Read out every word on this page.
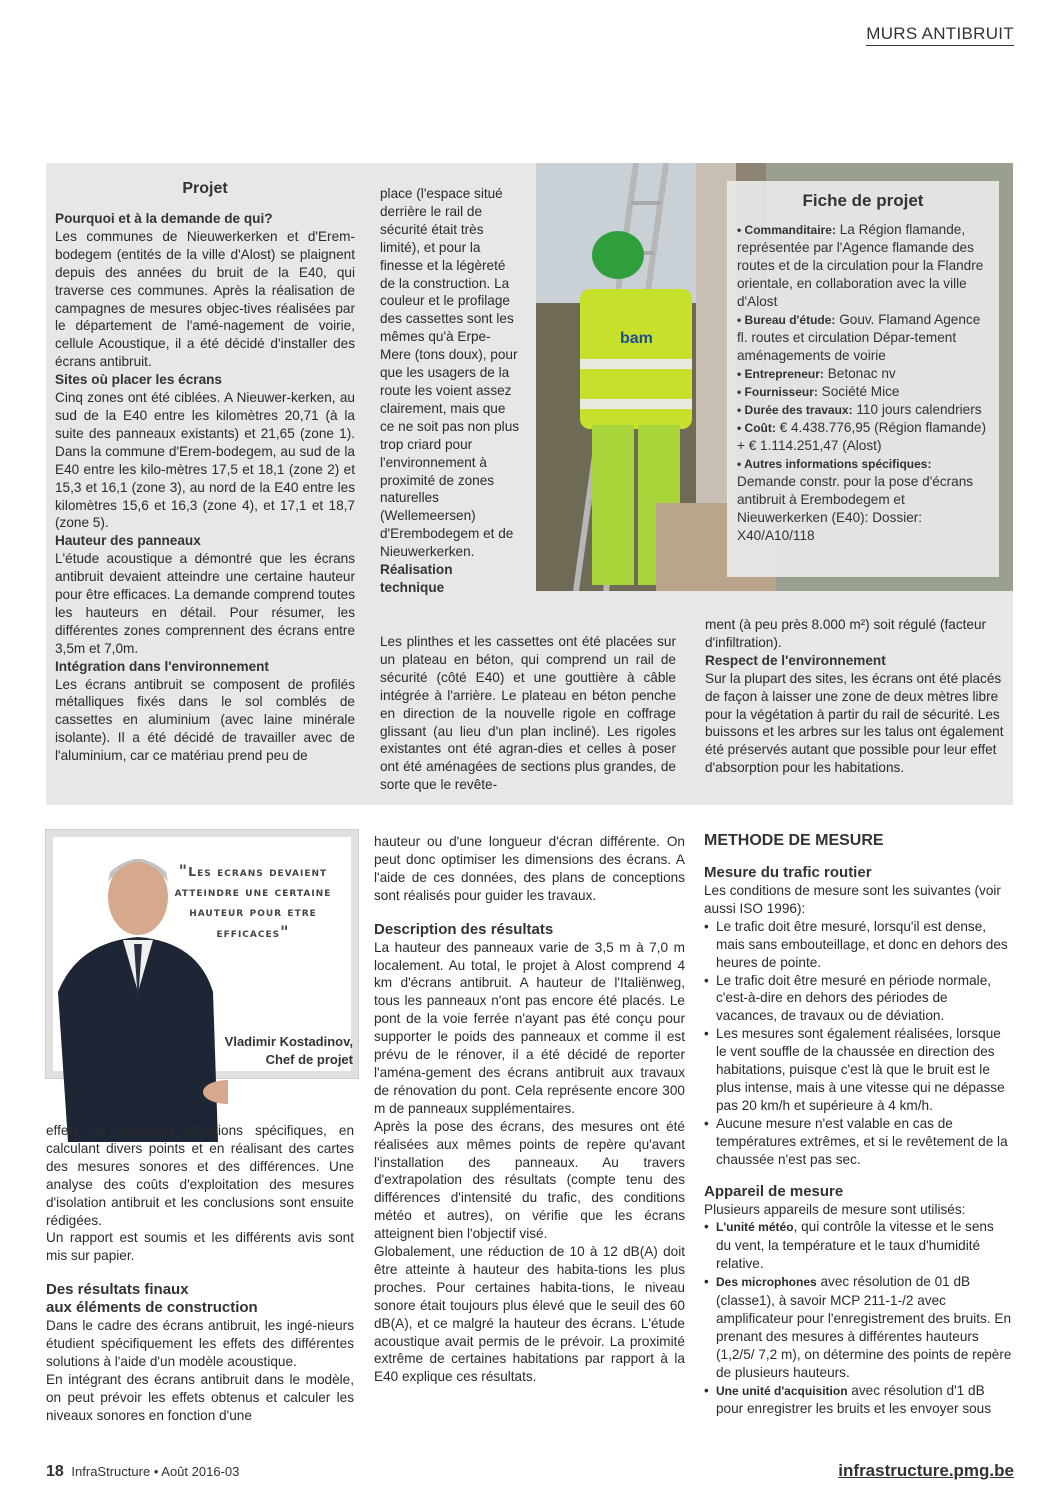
MURS ANTIBRUIT
Projet
Pourquoi et à la demande de qui?

Les communes de Nieuwerkerken et d'Erem-bodegem (entités de la ville d'Alost) se plaignent depuis des années du bruit de la E40, qui traverse ces communes. Après la réalisation de campagnes de mesures objec-tives réalisées par le département de l'amé-nagement de voirie, cellule Acoustique, il a été décidé d'installer des écrans antibruit.

Sites où placer les écrans

Cinq zones ont été ciblées. A Nieuwer-kerken, au sud de la E40 entre les kilomètres 20,71 (à la suite des panneaux existants) et 21,65 (zone 1). Dans la commune d'Erem-bodegem, au sud de la E40 entre les kilo-mètres 17,5 et 18,1 (zone 2) et 15,3 et 16,1 (zone 3), au nord de la E40 entre les kilomètres 15,6 et 16,3 (zone 4), et 17,1 et 18,7 (zone 5).

Hauteur des panneaux

L'étude acoustique a démontré que les écrans antibruit devaient atteindre une certaine hauteur pour être efficaces. La demande comprend toutes les hauteurs en détail. Pour résumer, les différentes zones comprennent des écrans entre 3,5m et 7,0m.

Intégration dans l'environnement

Les écrans antibruit se composent de profilés métalliques fixés dans le sol comblés de cassettes en aluminium (avec laine minérale isolante). Il a été décidé de travailler avec de l'aluminium, car ce matériau prend peu de

place (l'espace situé derrière le rail de sécurité était très limité), et pour la finesse et la légèreté de la construction. La couleur et le profilage des cassettes sont les mêmes qu'à Erpe-Mere (tons doux), pour que les usagers de la route les voient assez clairement, mais que ce ne soit pas non plus trop criard pour l'environnement à proximité de zones naturelles (Wellemeersen) d'Erembodegem et de Nieuwerkerken.

Réalisation technique

Les plinthes et les cassettes ont été placées sur un plateau en béton, qui comprend un rail de sécurité (côté E40) et une gouttière à câble intégrée à l'arrière. Le plateau en béton penche en direction de la nouvelle rigole en coffrage glissant (au lieu d'un plan incliné). Les rigoles existantes ont été agran-dies et celles à poser ont été aménagées de sections plus grandes, de sorte que le revête-

ment (à peu près 8.000 m²) soit régulé (facteur d'infiltration).

Respect de l'environnement

Sur la plupart des sites, les écrans ont été placés de façon à laisser une zone de deux mètres libre pour la végétation à partir du rail de sécurité. Les buissons et les arbres sur les talus ont également été préservés autant que possible pour leur effet d'absorption pour les habitations.

bam
Fiche de projet
• Commanditaire: La Région flamande, représentée par l'Agence flamande des routes et de la circulation pour la Flandre orientale, en collaboration avec la ville d'Alost
• Bureau d'étude: Gouv. Flamand Agence fl. routes et circulation Dépar-tement aménagements de voirie
• Entrepreneur: Betonac nv
• Fournisseur: Société Mice
• Durée des travaux: 110 jours calendriers
• Coût: € 4.438.776,95 (Région flamande) + € 1.114.251,47 (Alost)
• Autres informations spécifiques: Demande constr. pour la pose d'écrans antibruit à Erembodegem et Nieuwerkerken (E40): Dossier: X40/A10/118
"Les ecrans devaient atteindre une certaine hauteur pour etre efficaces"
Vladimir Kostadinov,
Chef de projet

effets de certaines situations spécifiques, en calculant divers points et en réalisant des cartes des mesures sonores et des différences. Une analyse des coûts d'exploitation des mesures d'isolation antibruit et les conclusions sont ensuite rédigées.

Un rapport est soumis et les différents avis sont mis sur papier.

Des résultats finaux
aux éléments de construction

Dans le cadre des écrans antibruit, les ingé-nieurs étudient spécifiquement les effets des différentes solutions à l'aide d'un modèle acoustique.

En intégrant des écrans antibruit dans le modèle, on peut prévoir les effets obtenus et calculer les niveaux sonores en fonction d'une

hauteur ou d'une longueur d'écran différente. On peut donc optimiser les dimensions des écrans. A l'aide de ces données, des plans de conceptions sont réalisés pour guider les travaux.

Description des résultats

La hauteur des panneaux varie de 3,5 m à 7,0 m localement. Au total, le projet à Alost comprend 4 km d'écrans antibruit. A hauteur de l'Italiënweg, tous les panneaux n'ont pas encore été placés. Le pont de la voie ferrée n'ayant pas été conçu pour supporter le poids des panneaux et comme il est prévu de le rénover, il a été décidé de reporter l'aména-gement des écrans antibruit aux travaux de rénovation du pont. Cela représente encore 300 m de panneaux supplémentaires.

Après la pose des écrans, des mesures ont été réalisées aux mêmes points de repère qu'avant l'installation des panneaux. Au travers d'extrapolation des résultats (compte tenu des différences d'intensité du trafic, des conditions météo et autres), on vérifie que les écrans atteignent bien l'objectif visé.

Globalement, une réduction de 10 à 12 dB(A) doit être atteinte à hauteur des habita-tions les plus proches. Pour certaines habita-tions, le niveau sonore était toujours plus élevé que le seuil des 60 dB(A), et ce malgré la hauteur des écrans. L'étude acoustique avait permis de le prévoir. La proximité extrême de certaines habitations par rapport à la E40 explique ces résultats.

METHODE DE MESURE
Mesure du trafic routier

Les conditions de mesure sont les suivantes (voir aussi ISO 1996):

• Le trafic doit être mesuré, lorsqu'il est dense, mais sans embouteillage, et donc en dehors des heures de pointe.
• Le trafic doit être mesuré en période normale, c'est-à-dire en dehors des périodes de vacances, de travaux ou de déviation.
• Les mesures sont également réalisées, lorsque le vent souffle de la chaussée en direction des habitations, puisque c'est là que le bruit est le plus intense, mais à une vitesse qui ne dépasse pas 20 km/h et supérieure à 4 km/h.
• Aucune mesure n'est valable en cas de températures extrêmes, et si le revêtement de la chaussée n'est pas sec.
Appareil de mesure

Plusieurs appareils de mesure sont utilisés:

• L'unité météo, qui contrôle la vitesse et le sens du vent, la température et le taux d'humidité relative.
• Des microphones avec résolution de 01 dB (classe1), à savoir MCP 211-1-/2 avec amplificateur pour l'enregistrement des bruits. En prenant des mesures à différentes hauteurs (1,2/5/ 7,2 m), on détermine des points de repère de plusieurs hauteurs.
• Une unité d'acquisition avec résolution d'1 dB pour enregistrer les bruits et les envoyer sous
18 InfraStructure • Août 2016-03	infrastructure.pmg.be
